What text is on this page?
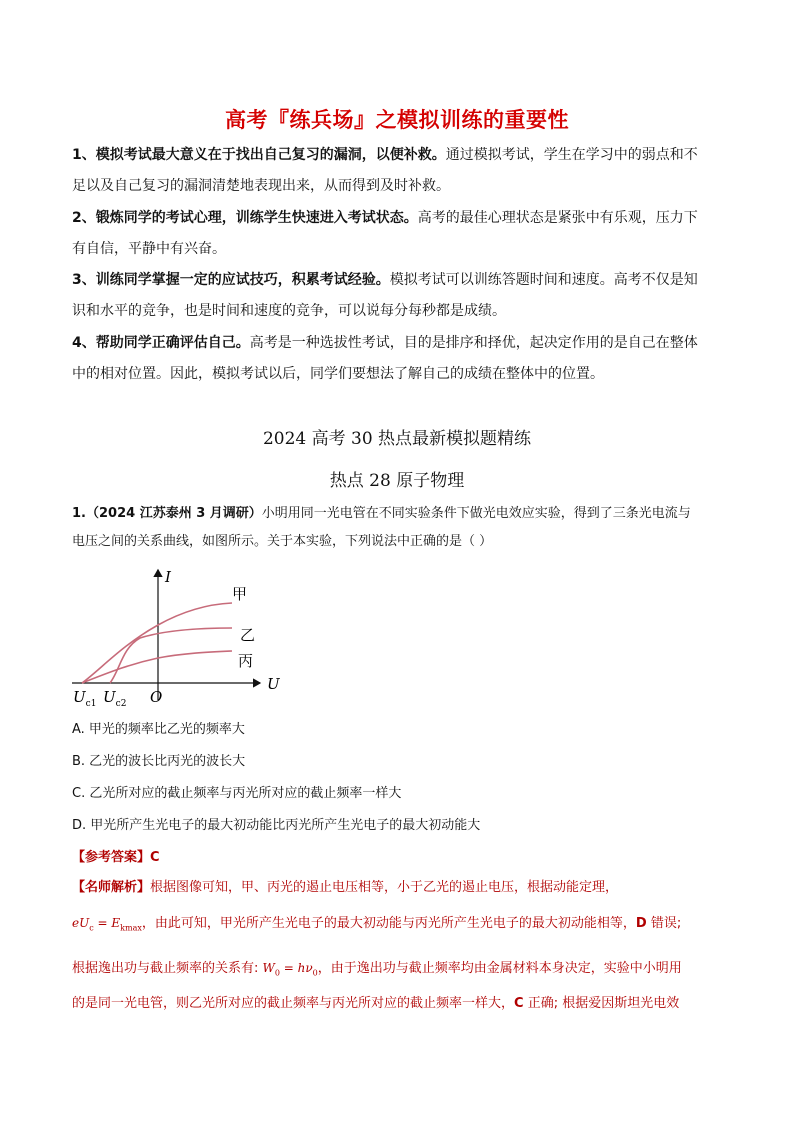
高考『练兵场』之模拟训练的重要性
1、模拟考试最大意义在于找出自己复习的漏洞，以便补救。通过模拟考试，学生在学习中的弱点和不
足以及自己复习的漏洞清楚地表现出来，从而得到及时补救。
2、锻炼同学的考试心理，训练学生快速进入考试状态。高考的最佳心理状态是紧张中有乐观，压力下
有自信，平静中有兴奋。
3、训练同学掌握一定的应试技巧，积累考试经验。模拟考试可以训练答题时间和速度。高考不仅是知
识和水平的竞争，也是时间和速度的竞争，可以说每分每秒都是成绩。
4、帮助同学正确评估自己。高考是一种选拔性考试，目的是排序和择优，起决定作用的是自己在整体
中的相对位置。因此，模拟考试以后，同学们要想法了解自己的成绩在整体中的位置。
2024 高考 30 热点最新模拟题精练
热点 28 原子物理
1.（2024 江苏泰州 3 月调研）小明用同一光电管在不同实验条件下做光电效应实验，得到了三条光电流与
电压之间的关系曲线，如图所示。关于本实验，下列说法中正确的是（ ）
I
U
O
$U_{c1}$ $U_{c2}$
甲
乙
丙
A. 甲光的频率比乙光的频率大
B. 乙光的波长比丙光的波长大
C. 乙光所对应的截止频率与丙光所对应的截止频率一样大
D. 甲光所产生光电子的最大初动能比丙光所产生光电子的最大初动能大
【参考答案】C
【名师解析】根据图像可知，甲、丙光的遏止电压相等，小于乙光的遏止电压，根据动能定理，
$eU_c = E_{kmax}$，由此可知，甲光所产生光电子的最大初动能与丙光所产生光电子的最大初动能相等，D 错误;
根据逸出功与截止频率的关系有: $W_0 = h\nu_0$，由于逸出功与截止频率均由金属材料本身决定，实验中小明用
的是同一光电管，则乙光所对应的截止频率与丙光所对应的截止频率一样大，C 正确; 根据爱因斯坦光电效
